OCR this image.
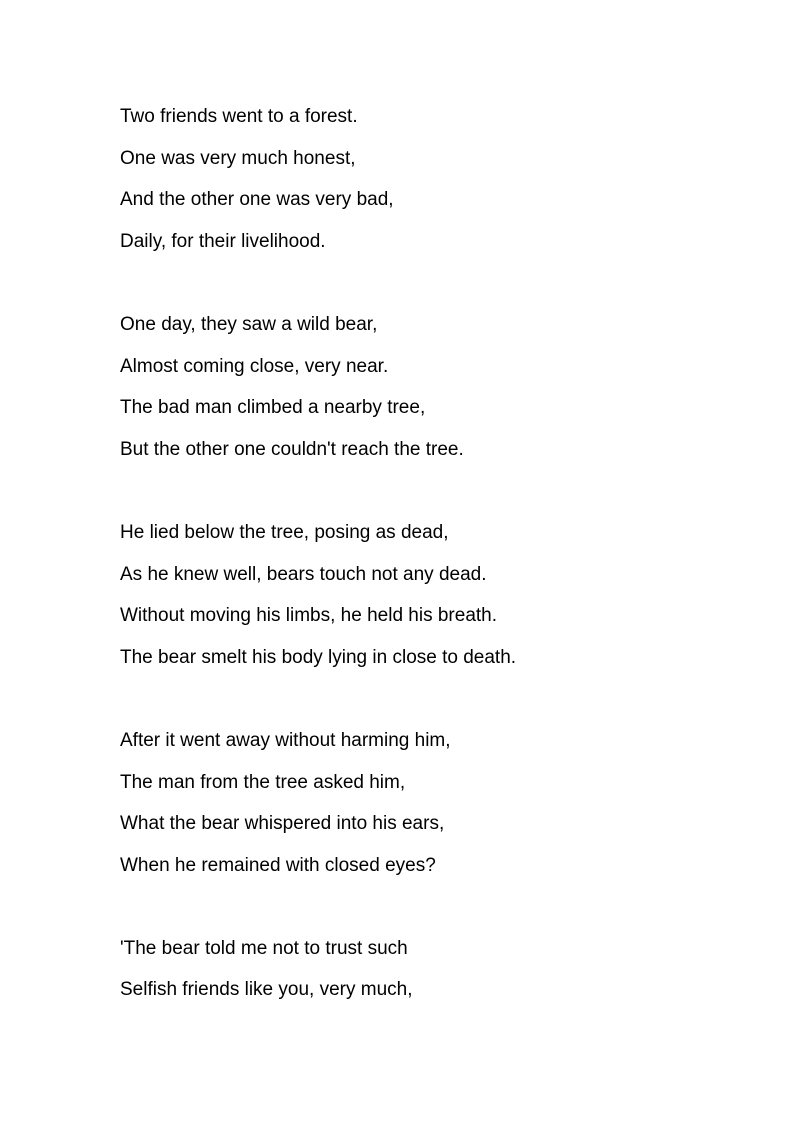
Two friends went to a forest.
One was very much honest,
And the other one was very bad,
Daily, for their livelihood.
One day, they saw a wild bear,
Almost coming close, very near.
The bad man climbed a nearby tree,
But the other one couldn't reach the tree.
He lied below the tree, posing as dead,
As he knew well, bears touch not any dead.
Without moving his limbs, he held his breath.
The bear smelt his body lying in close to death.
After it went away without harming him,
The man from the tree asked him,
What the bear whispered into his ears,
When he remained with closed eyes?
'The bear told me not to trust such
Selfish friends like you, very much,
